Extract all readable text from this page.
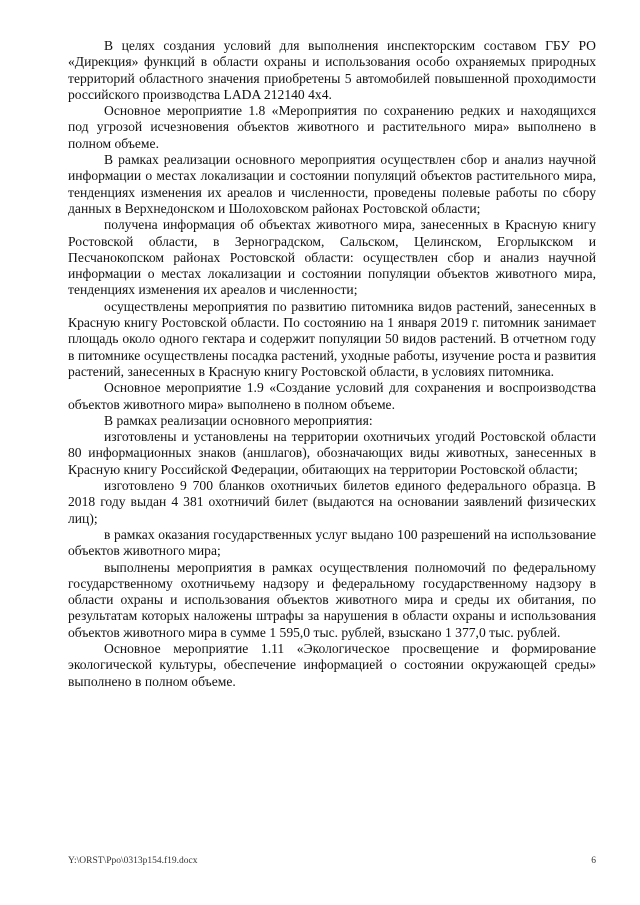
В целях создания условий для выполнения инспекторским составом ГБУ РО «Дирекция» функций в области охраны и использования особо охраняемых природных территорий областного значения приобретены 5 автомобилей повышенной проходимости российского производства LADA 212140 4х4.

Основное мероприятие 1.8 «Мероприятия по сохранению редких и находящихся под угрозой исчезновения объектов животного и растительного мира» выполнено в полном объеме.

В рамках реализации основного мероприятия осуществлен сбор и анализ научной информации о местах локализации и состоянии популяций объектов растительного мира, тенденциях изменения их ареалов и численности, проведены полевые работы по сбору данных в Верхнедонском и Шолоховском районах Ростовской области;

получена информация об объектах животного мира, занесенных в Красную книгу Ростовской области, в Зерноградском, Сальском, Целинском, Егорлыкском и Песчанокопском районах Ростовской области: осуществлен сбор и анализ научной информации о местах локализации и состоянии популяции объектов животного мира, тенденциях изменения их ареалов и численности;

осуществлены мероприятия по развитию питомника видов растений, занесенных в Красную книгу Ростовской области. По состоянию на 1 января 2019 г. питомник занимает площадь около одного гектара и содержит популяции 50 видов растений. В отчетном году в питомнике осуществлены посадка растений, уходные работы, изучение роста и развития растений, занесенных в Красную книгу Ростовской области, в условиях питомника.

Основное мероприятие 1.9 «Создание условий для сохранения и воспроизводства объектов животного мира» выполнено в полном объеме.

В рамках реализации основного мероприятия:

изготовлены и установлены на территории охотничьих угодий Ростовской области 80 информационных знаков (аншлагов), обозначающих виды животных, занесенных в Красную книгу Российской Федерации, обитающих на территории Ростовской области;

изготовлено 9 700 бланков охотничьих билетов единого федерального образца. В 2018 году выдан 4 381 охотничий билет (выдаются на основании заявлений физических лиц);

в рамках оказания государственных услуг выдано 100 разрешений на использование объектов животного мира;

выполнены мероприятия в рамках осуществления полномочий по федеральному государственному охотничьему надзору и федеральному государственному надзору в области охраны и использования объектов животного мира и среды их обитания, по результатам которых наложены штрафы за нарушения в области охраны и использования объектов животного мира в сумме 1 595,0 тыс. рублей, взыскано 1 377,0 тыс. рублей.

Основное мероприятие 1.11 «Экологическое просвещение и формирование экологической культуры, обеспечение информацией о состоянии окружающей среды» выполнено в полном объеме.

Y:\ORST\Ppo\0313p154.f19.docx	6
